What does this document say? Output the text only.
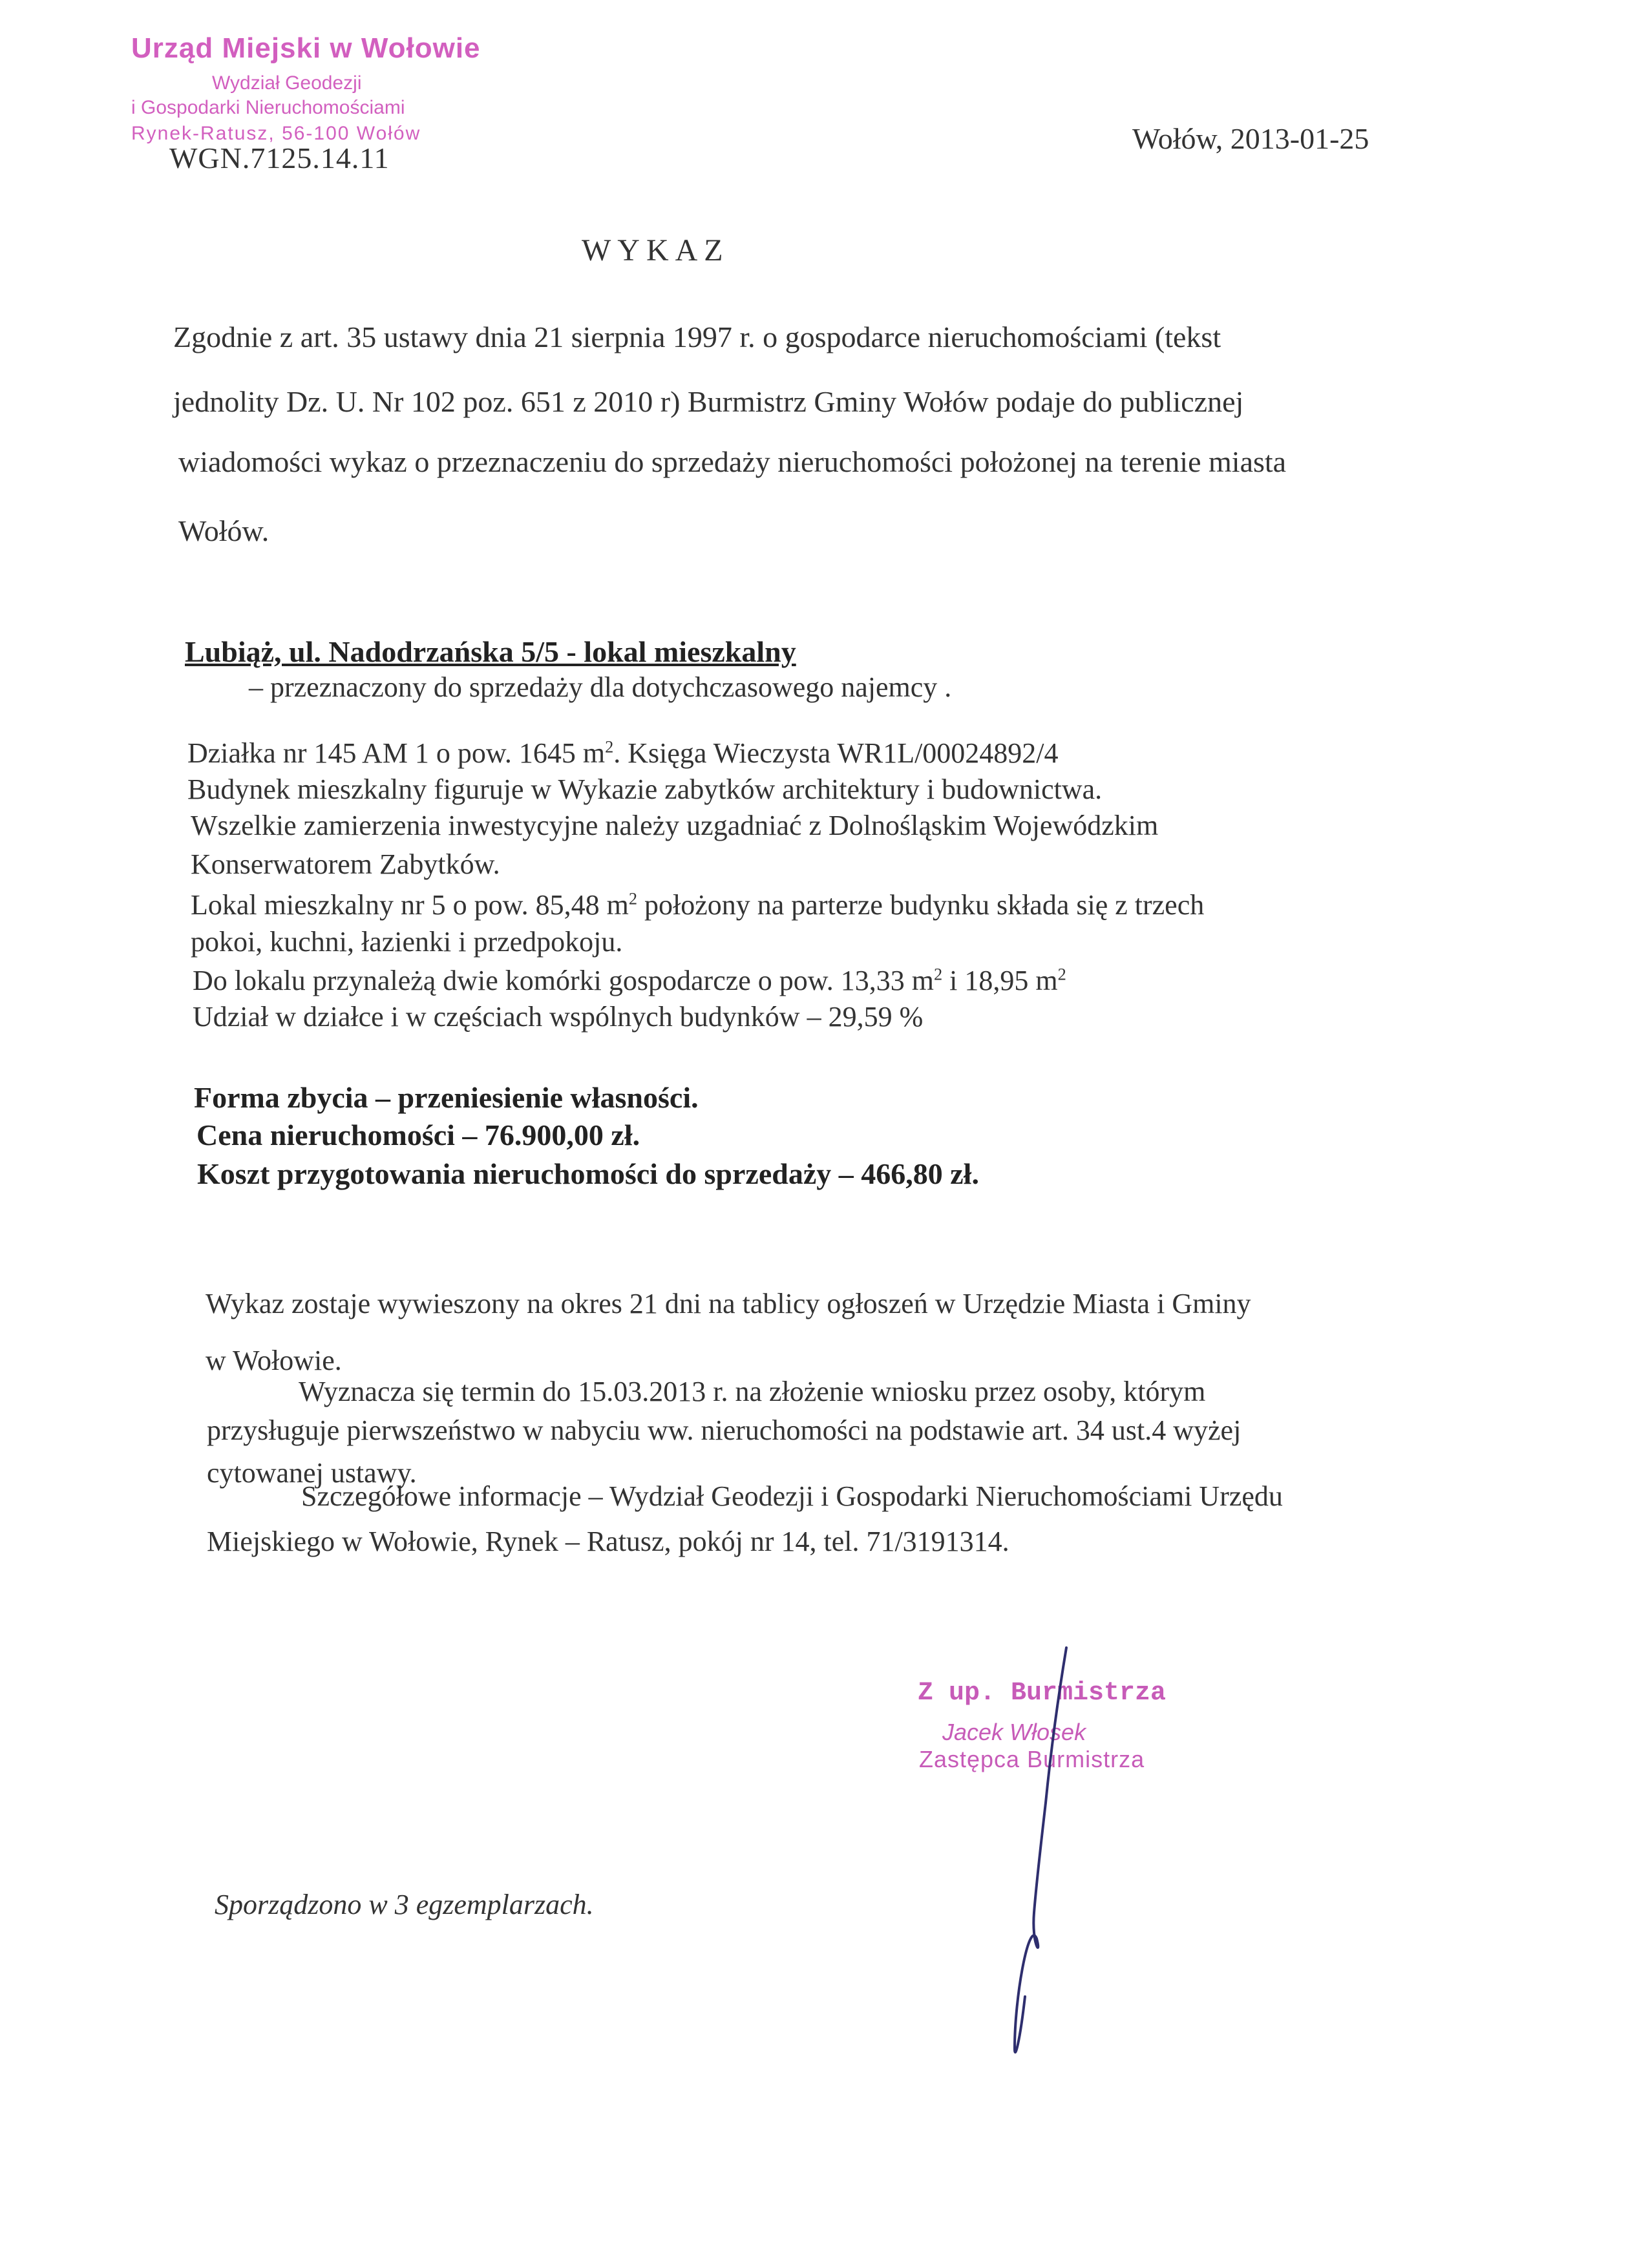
Urząd Miejski w Wołowie
Wydział Geodezji
i Gospodarki Nieruchomościami
Rynek-Ratusz, 56-100 Wołów
WGN.7125.14.11
Wołów, 2013-01-25
WYKAZ
Zgodnie z art. 35 ustawy dnia 21 sierpnia 1997 r. o gospodarce nieruchomościami (tekst
jednolity Dz. U. Nr 102 poz. 651 z 2010 r) Burmistrz Gminy Wołów podaje do publicznej
wiadomości wykaz o przeznaczeniu do sprzedaży nieruchomości położonej na terenie miasta
Wołów.
Lubiąż, ul. Nadodrzańska 5/5 - lokal mieszkalny
– przeznaczony do sprzedaży dla dotychczasowego najemcy .
Działka nr 145 AM 1 o pow. 1645 $m^2$. Księga Wieczysta WR1L/00024892/4
Budynek mieszkalny figuruje w Wykazie zabytków architektury i budownictwa.
Wszelkie zamierzenia inwestycyjne należy uzgadniać z Dolnośląskim Wojewódzkim
Konserwatorem Zabytków.
Lokal mieszkalny nr 5 o pow. 85,48 $m^2$ położony na parterze budynku składa się z trzech
pokoi, kuchni, łazienki i przedpokoju.
Do lokalu przynależą dwie komórki gospodarcze o pow. 13,33 $m^2$ i 18,95 $m^2$
Udział w działce i w częściach wspólnych budynków – 29,59 %
Forma zbycia – przeniesienie własności.
Cena nieruchomości – 76.900,00 zł.
Koszt przygotowania nieruchomości do sprzedaży – 466,80 zł.
Wykaz zostaje wywieszony na okres 21 dni na tablicy ogłoszeń w Urzędzie Miasta i Gminy
w Wołowie.
Wyznacza się termin do 15.03.2013 r. na złożenie wniosku przez osoby, którym
przysługuje pierwszeństwo w nabyciu ww. nieruchomości na podstawie art. 34 ust.4 wyżej
cytowanej ustawy.
Szczegółowe informacje – Wydział Geodezji i Gospodarki Nieruchomościami Urzędu
Miejskiego w Wołowie, Rynek – Ratusz, pokój nr 14, tel. 71/3191314.
Z up. Burmistrza
Jacek Włosek
Zastępca Burmistrza
Sporządzono w 3 egzemplarzach.
